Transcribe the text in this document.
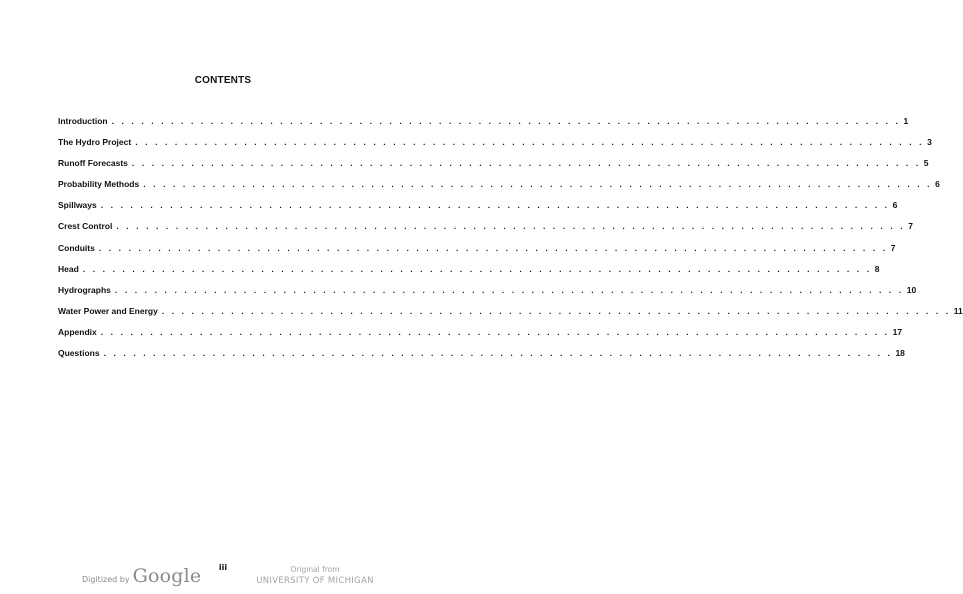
CONTENTS
Introduction . . . . . . . . . . . . . . . . . . . . . . . . . . . . . . . . . . . . . . . . . . . . . . . . . . . . . . . . . . . . . . . . . . . . . . . . . . . . . . . . 1
The Hydro Project . . . . . . . . . . . . . . . . . . . . . . . . . . . . . . . . . . . . . . . . . . . . . . . . . . . . . . . . . . . . . . . . . . . . . . . . . . . . . . . . 3
Runoff Forecasts . . . . . . . . . . . . . . . . . . . . . . . . . . . . . . . . . . . . . . . . . . . . . . . . . . . . . . . . . . . . . . . . . . . . . . . . . . . . . . . . 5
Probability Methods . . . . . . . . . . . . . . . . . . . . . . . . . . . . . . . . . . . . . . . . . . . . . . . . . . . . . . . . . . . . . . . . . . . . . . . . . . . . . . . . 6
Spillways . . . . . . . . . . . . . . . . . . . . . . . . . . . . . . . . . . . . . . . . . . . . . . . . . . . . . . . . . . . . . . . . . . . . . . . . . . . . . . . . 6
Crest Control . . . . . . . . . . . . . . . . . . . . . . . . . . . . . . . . . . . . . . . . . . . . . . . . . . . . . . . . . . . . . . . . . . . . . . . . . . . . . . . . 7
Conduits . . . . . . . . . . . . . . . . . . . . . . . . . . . . . . . . . . . . . . . . . . . . . . . . . . . . . . . . . . . . . . . . . . . . . . . . . . . . . . . . 7
Head . . . . . . . . . . . . . . . . . . . . . . . . . . . . . . . . . . . . . . . . . . . . . . . . . . . . . . . . . . . . . . . . . . . . . . . . . . . . . . . . 8
Hydrographs . . . . . . . . . . . . . . . . . . . . . . . . . . . . . . . . . . . . . . . . . . . . . . . . . . . . . . . . . . . . . . . . . . . . . . . . . . . . . . . . 10
Water Power and Energy . . . . . . . . . . . . . . . . . . . . . . . . . . . . . . . . . . . . . . . . . . . . . . . . . . . . . . . . . . . . . . . . . . . . . . . . . . . . . . . . 11
Appendix . . . . . . . . . . . . . . . . . . . . . . . . . . . . . . . . . . . . . . . . . . . . . . . . . . . . . . . . . . . . . . . . . . . . . . . . . . . . . . . . 17
Questions . . . . . . . . . . . . . . . . . . . . . . . . . . . . . . . . . . . . . . . . . . . . . . . . . . . . . . . . . . . . . . . . . . . . . . . . . . . . . . . . 18
iii
Digitized by Google	Original from
UNIVERSITY OF MICHIGAN
